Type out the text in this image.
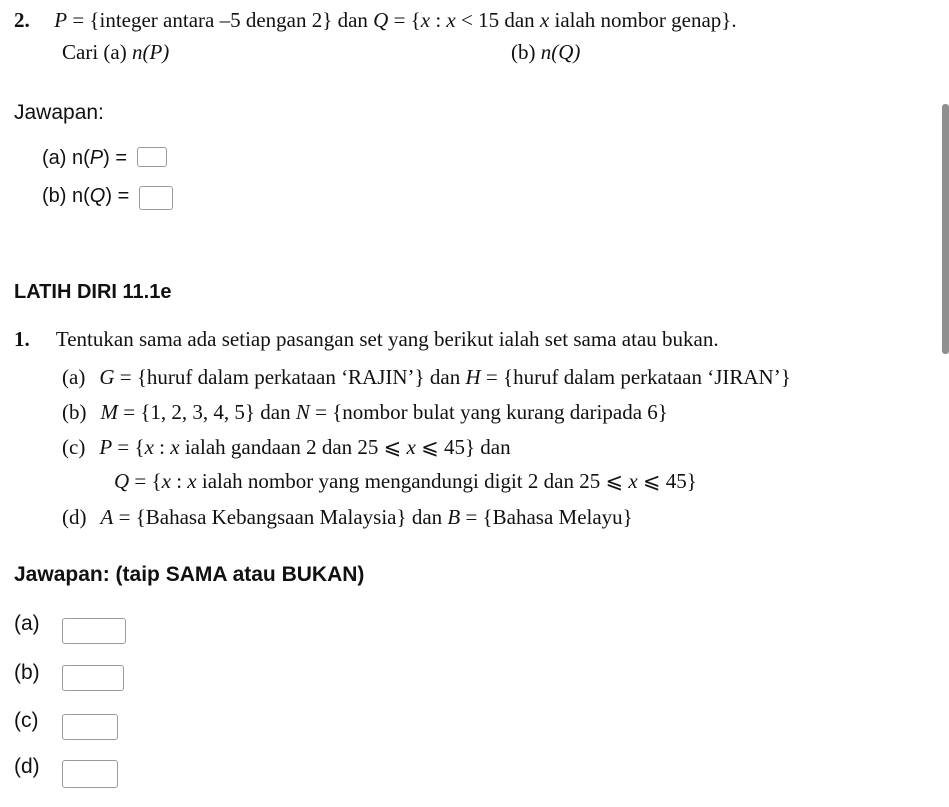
2. P = {integer antara –5 dengan 2} dan Q = {x : x < 15 dan x ialah nombor genap}.
Cari (a) n(P)	(b) n(Q)
Jawapan:
(a) n(P) =
(b) n(Q) =
LATIH DIRI 11.1e
1. Tentukan sama ada setiap pasangan set yang berikut ialah set sama atau bukan.
(a) G = {huruf dalam perkataan ‘RAJIN’} dan H = {huruf dalam perkataan ‘JIRAN’}
(b) M = {1, 2, 3, 4, 5} dan N = {nombor bulat yang kurang daripada 6}
(c) P = {x : x ialah gandaan 2 dan 25 ⩽ x ⩽ 45} dan
Q = {x : x ialah nombor yang mengandungi digit 2 dan 25 ⩽ x ⩽ 45}
(d) A = {Bahasa Kebangsaan Malaysia} dan B = {Bahasa Melayu}
Jawapan: (taip SAMA atau BUKAN)
(a)
(b)
(c)
(d)
